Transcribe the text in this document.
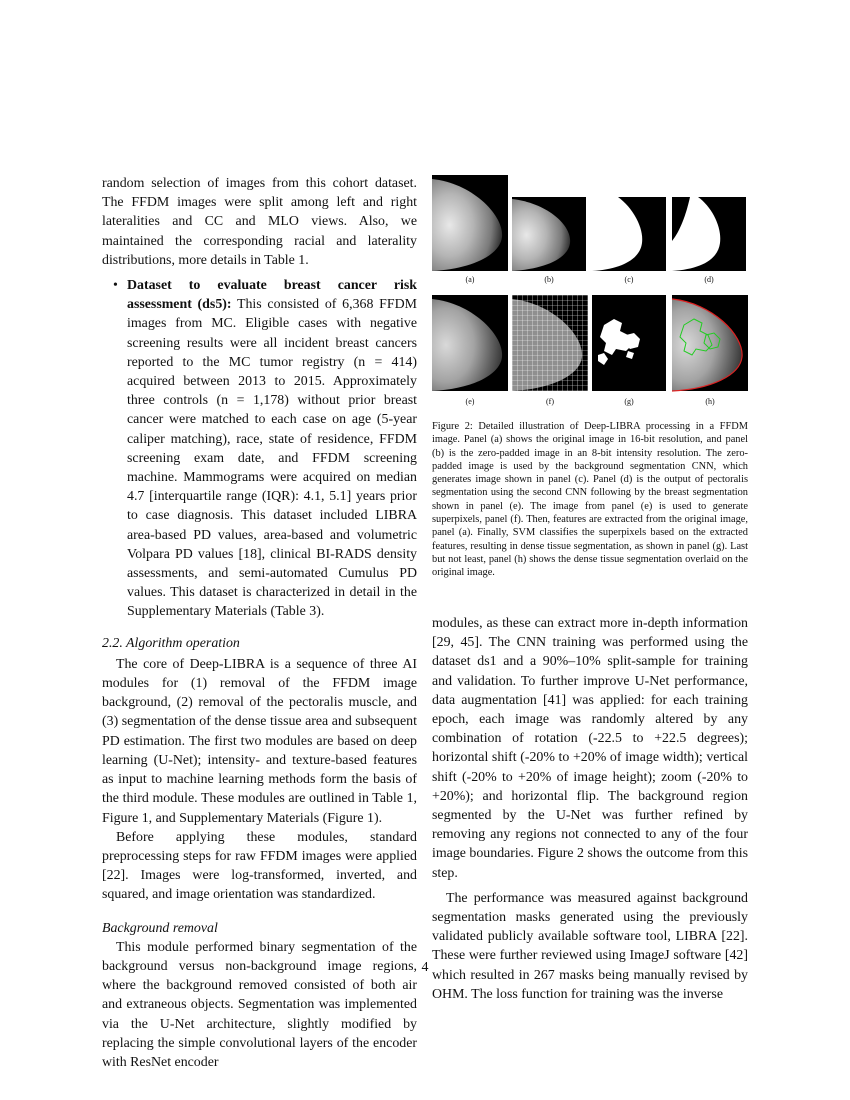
random selection of images from this cohort dataset. The FFDM images were split among left and right lateralities and CC and MLO views. Also, we maintained the corresponding racial and laterality distributions, more details in Table 1.

• Dataset to evaluate breast cancer risk assessment (ds5): This consisted of 6,368 FFDM images from MC. Eligible cases with negative screening results were all incident breast cancers reported to the MC tumor registry (n = 414) acquired between 2013 to 2015. Approximately three controls (n = 1,178) without prior breast cancer were matched to each case on age (5-year caliper matching), race, state of residence, FFDM screening exam date, and FFDM screening machine. Mammograms were acquired on median 4.7 [interquartile range (IQR): 4.1, 5.1] years prior to case diagnosis. This dataset included LIBRA area-based PD values, area-based and volumetric Volpara PD values [18], clinical BI-RADS density assessments, and semi-automated Cumulus PD values. This dataset is characterized in detail in the Supplementary Materials (Table 3).

2.2. Algorithm operation

The core of Deep-LIBRA is a sequence of three AI modules for (1) removal of the FFDM image background, (2) removal of the pectoralis muscle, and (3) segmentation of the dense tissue area and subsequent PD estimation. The first two modules are based on deep learning (U-Net); intensity- and texture-based features as input to machine learning methods form the basis of the third module. These modules are outlined in Table 1, Figure 1, and Supplementary Materials (Figure 1).

Before applying these modules, standard preprocessing steps for raw FFDM images were applied [22]. Images were log-transformed, inverted, and squared, and image orientation was standardized.

Background removal

This module performed binary segmentation of the background versus non-background image regions, where the background removed consisted of both air and extraneous objects. Segmentation was implemented via the U-Net architecture, slightly modified by replacing the simple convolutional layers of the encoder with ResNet encoder

(a)	(b)	(c)	(d)
(e)	(f)	(g)	(h)
Figure 2: Detailed illustration of Deep-LIBRA processing in a FFDM image. Panel (a) shows the original image in 16-bit resolution, and panel (b) is the zero-padded image in an 8-bit intensity resolution. The zero-padded image is used by the background segmentation CNN, which generates image shown in panel (c). Panel (d) is the output of pectoralis segmentation using the second CNN following by the breast segmentation shown in panel (e). The image from panel (e) is used to generate superpixels, panel (f). Then, features are extracted from the original image, panel (a). Finally, SVM classifies the superpixels based on the extracted features, resulting in dense tissue segmentation, as shown in panel (g). Last but not least, panel (h) shows the dense tissue segmentation overlaid on the original image.

modules, as these can extract more in-depth information [29, 45]. The CNN training was performed using the dataset ds1 and a 90%–10% split-sample for training and validation. To further improve U-Net performance, data augmentation [41] was applied: for each training epoch, each image was randomly altered by any combination of rotation (-22.5 to +22.5 degrees); horizontal shift (-20% to +20% of image width); vertical shift (-20% to +20% of image height); zoom (-20% to +20%); and horizontal flip. The background region segmented by the U-Net was further refined by removing any regions not connected to any of the four image boundaries. Figure 2 shows the outcome from this step.

The performance was measured against background segmentation masks generated using the previously validated publicly available software tool, LIBRA [22]. These were further reviewed using ImageJ software [42] which resulted in 267 masks being manually revised by OHM. The loss function for training was the inverse

4
